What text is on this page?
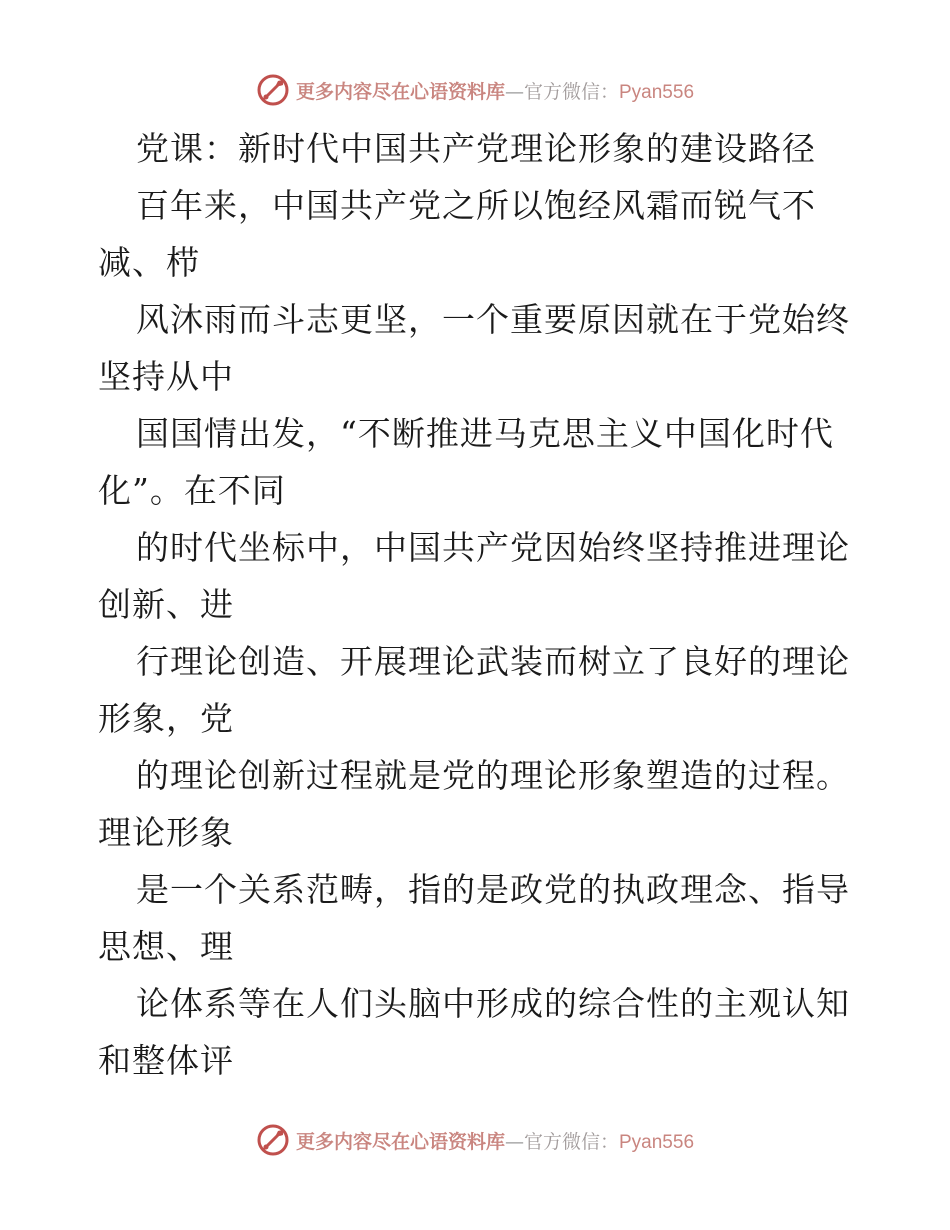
更多内容尽在心语资料库—官方微信：Pyan556
党课：新时代中国共产党理论形象的建设路径
百年来，中国共产党之所以饱经风霜而锐气不
减、栉
风沐雨而斗志更坚，一个重要原因就在于党始终
坚持从中
国国情出发，“不断推进马克思主义中国化时代
化”。在不同
的时代坐标中，中国共产党因始终坚持推进理论
创新、进
行理论创造、开展理论武装而树立了良好的理论
形象，党
的理论创新过程就是党的理论形象塑造的过程。
理论形象
是一个关系范畴，指的是政党的执政理念、指导
思想、理
论体系等在人们头脑中形成的综合性的主观认知
和整体评
更多内容尽在心语资料库—官方微信：Pyan556
